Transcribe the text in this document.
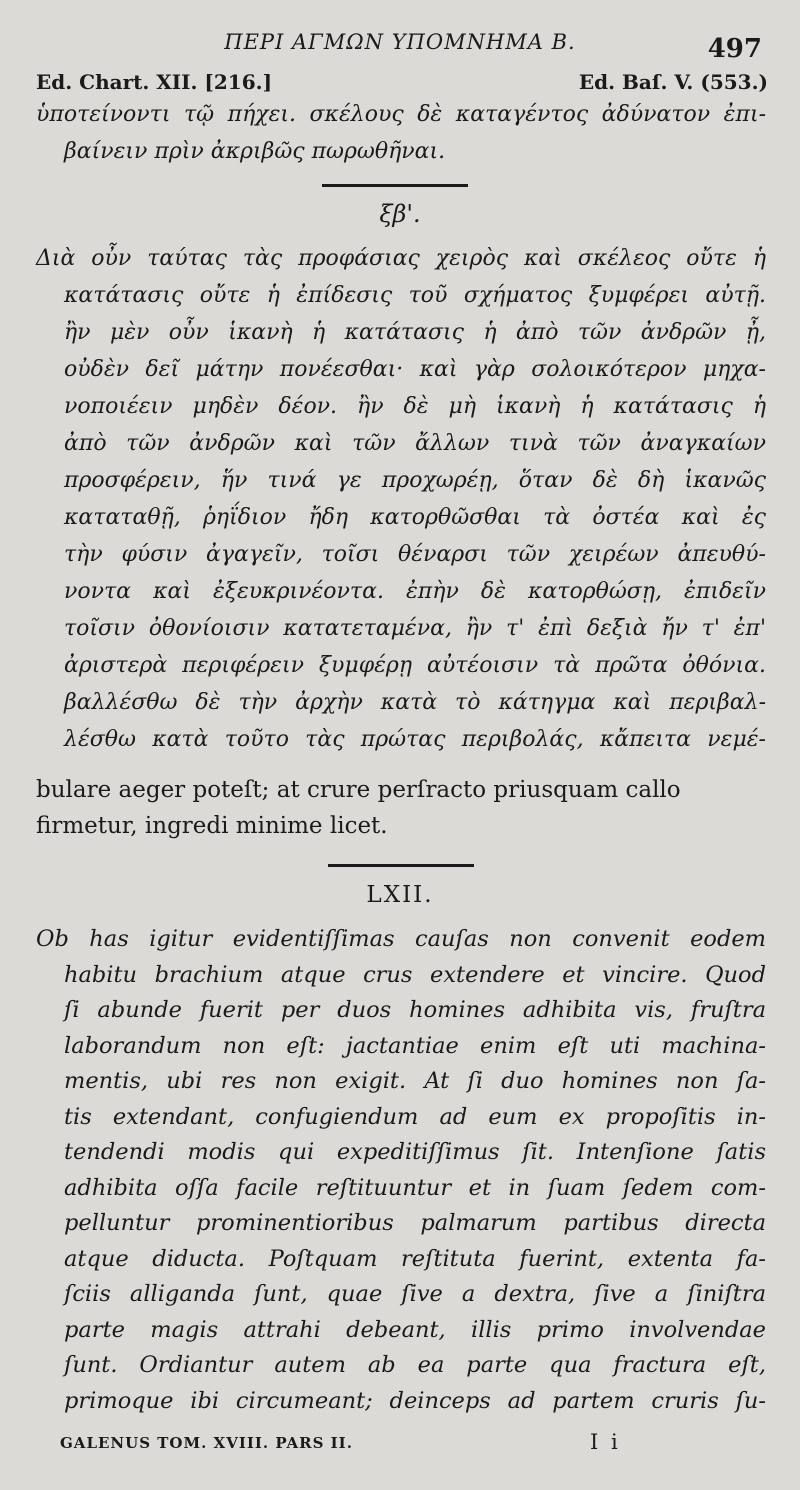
ΠΕΡΙ ΑΓΜΩΝ ΥΠΟΜΝΗΜΑ Β.	497
Ed. Chart. XII. [216.]	Ed. Baſ. V. (553.)
ὑποτείνοντι τῷ πήχει. σκέλους δὲ καταγέντος ἀδύνατον ἐπι-
βαίνειν πρὶν ἀκριβῶς πωρωθῆναι.
ξβ'.
Διὰ οὖν ταύτας τὰς προφάσιας χειρὸς καὶ σκέλεος οὔτε ἡ
κατάτασις οὔτε ἡ ἐπίδεσις τοῦ σχήματος ξυμφέρει αὐτῇ.
ἢν μὲν οὖν ἱκανὴ ἡ κατάτασις ἡ ἀπὸ τῶν ἀνδρῶν ᾖ,
οὐδὲν δεῖ μάτην πονέεσθαι· καὶ γὰρ σολοικότερον μηχα-
νοποιέειν μηδὲν δέον. ἢν δὲ μὴ ἱκανὴ ἡ κατάτασις ἡ
ἀπὸ τῶν ἀνδρῶν καὶ τῶν ἄλλων τινὰ τῶν ἀναγκαίων
προσφέρειν, ἥν τινά γε προχωρέῃ, ὅταν δὲ δὴ ἱκανῶς
καταταθῇ, ῥηΐδιον ἤδη κατορθῶσθαι τὰ ὀστέα καὶ ἐς
τὴν φύσιν ἀγαγεῖν, τοῖσι θέναρσι τῶν χειρέων ἀπευθύ-
νοντα καὶ ἐξευκρινέοντα. ἐπὴν δὲ κατορθώσῃ, ἐπιδεῖν
τοῖσιν ὀθονίοισιν κατατεταμένα, ἢν τ' ἐπὶ δεξιὰ ἤν τ' ἐπ'
ἀριστερὰ περιφέρειν ξυμφέρῃ αὐτέοισιν τὰ πρῶτα ὀθόνια.
βαλλέσθω δὲ τὴν ἀρχὴν κατὰ τὸ κάτηγμα καὶ περιβαλ-
λέσθω κατὰ τοῦτο τὰς πρώτας περιβολάς, κἄπειτα νεμέ-
bulare aeger poteſt; at crure perſracto priusquam callo
firmetur, ingredi minime licet.
LXII.
Ob has igitur evidentiſſimas cauſas non convenit eodem
habitu brachium atque crus extendere et vincire. Quod
ſi abunde fuerit per duos homines adhibita vis, fruſtra
laborandum non eſt: jactantiae enim eſt uti machina-
mentis, ubi res non exigit. At ſi duo homines non ſa-
tis extendant, confugiendum ad eum ex propoſitis in-
tendendi modis qui expeditiſſimus ſit. Intenſione ſatis
adhibita oſſa facile reſtituuntur et in ſuam ſedem com-
pelluntur prominentioribus palmarum partibus directa
atque diducta. Poſtquam reſtituta fuerint, extenta fa-
ſciis alliganda ſunt, quae ſive a dextra, ſive a ſiniſtra
parte magis attrahi debeant, illis primo involvendae
ſunt. Ordiantur autem ab ea parte qua fractura eſt,
primoque ibi circumeant; deinceps ad partem cruris ſu-
GALENUS TOM. XVIII. PARS II.	I i
